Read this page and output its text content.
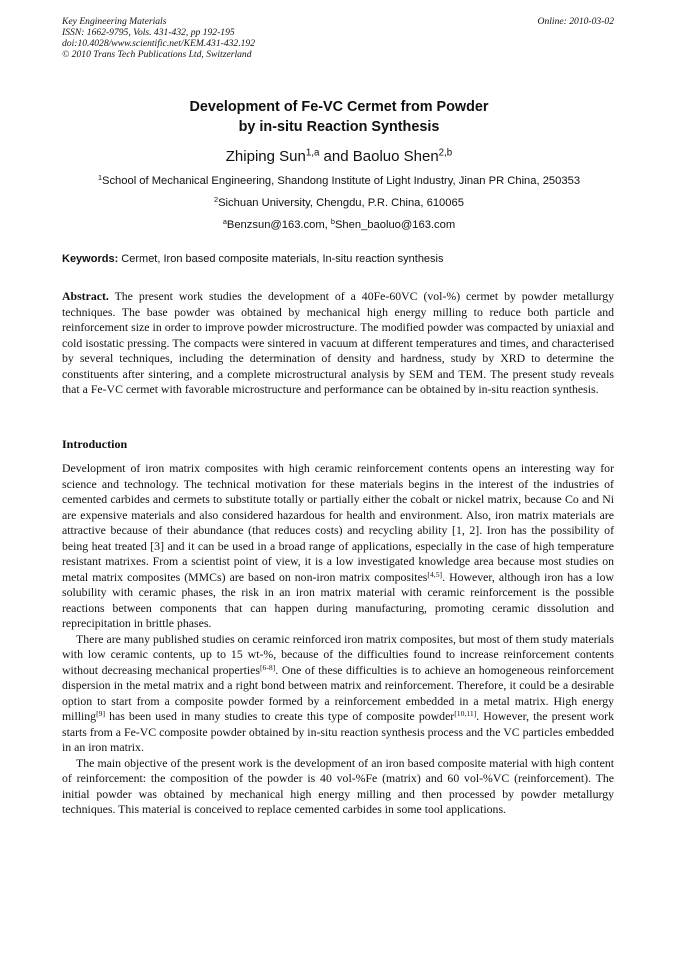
Key Engineering Materials
ISSN: 1662-9795, Vols. 431-432, pp 192-195
doi:10.4028/www.scientific.net/KEM.431-432.192
© 2010 Trans Tech Publications Ltd, Switzerland
Online: 2010-03-02
Development of Fe-VC Cermet from Powder
by in-situ Reaction Synthesis
Zhiping Sun$^{1,a}$ and Baoluo Shen$^{2,b}$
$^1$School of Mechanical Engineering, Shandong Institute of Light Industry, Jinan PR China, 250353
$^2$Sichuan University, Chengdu, P.R. China, 610065
$^a$Benzsun@163.com, $^b$Shen_baoluo@163.com
Keywords: Cermet, Iron based composite materials, In-situ reaction synthesis

Abstract. The present work studies the development of a 40Fe-60VC (vol-%) cermet by powder metallurgy techniques. The base powder was obtained by mechanical high energy milling to reduce both particle and reinforcement size in order to improve powder microstructure. The modified powder was compacted by uniaxial and cold isostatic pressing. The compacts were sintered in vacuum at different temperatures and times, and characterised by several techniques, including the determination of density and hardness, study by XRD to determine the constituents after sintering, and a complete microstructural analysis by SEM and TEM. The present study reveals that a Fe-VC cermet with favorable microstructure and performance can be obtained by in-situ reaction synthesis.

Introduction

Development of iron matrix composites with high ceramic reinforcement contents opens an interesting way for science and technology. The technical motivation for these materials begins in the interest of the industries of cemented carbides and cermets to substitute totally or partially either the cobalt or nickel matrix, because Co and Ni are expensive materials and also considered hazardous for health and environment. Also, iron matrix materials are attractive because of their abundance (that reduces costs) and recycling ability [1, 2]. Iron has the possibility of being heat treated [3] and it can be used in a broad range of applications, especially in the case of high temperature resistant matrixes. From a scientist point of view, it is a low investigated knowledge area because most studies on metal matrix composites (MMCs) are based on non-iron matrix composites[4,5]. However, although iron has a low solubility with ceramic phases, the risk in an iron matrix material with ceramic reinforcement is the possible reactions between components that can happen during manufacturing, promoting ceramic dissolution and reprecipitation in brittle phases.

There are many published studies on ceramic reinforced iron matrix composites, but most of them study materials with low ceramic contents, up to 15 wt-%, because of the difficulties found to increase reinforcement contents without decreasing mechanical properties[6-8]. One of these difficulties is to achieve an homogeneous reinforcement dispersion in the metal matrix and a right bond between matrix and reinforcement. Therefore, it could be a desirable option to start from a composite powder formed by a reinforcement embedded in a metal matrix. High energy milling[9] has been used in many studies to create this type of composite powder[10,11]. However, the present work starts from a Fe-VC composite powder obtained by in-situ reaction synthesis process and the VC particles embedded in an iron matrix.

The main objective of the present work is the development of an iron based composite material with high content of reinforcement: the composition of the powder is 40 vol-%Fe (matrix) and 60 vol-%VC (reinforcement). The initial powder was obtained by mechanical high energy milling and then processed by powder metallurgy techniques. This material is conceived to replace cemented carbides in some tool applications.
